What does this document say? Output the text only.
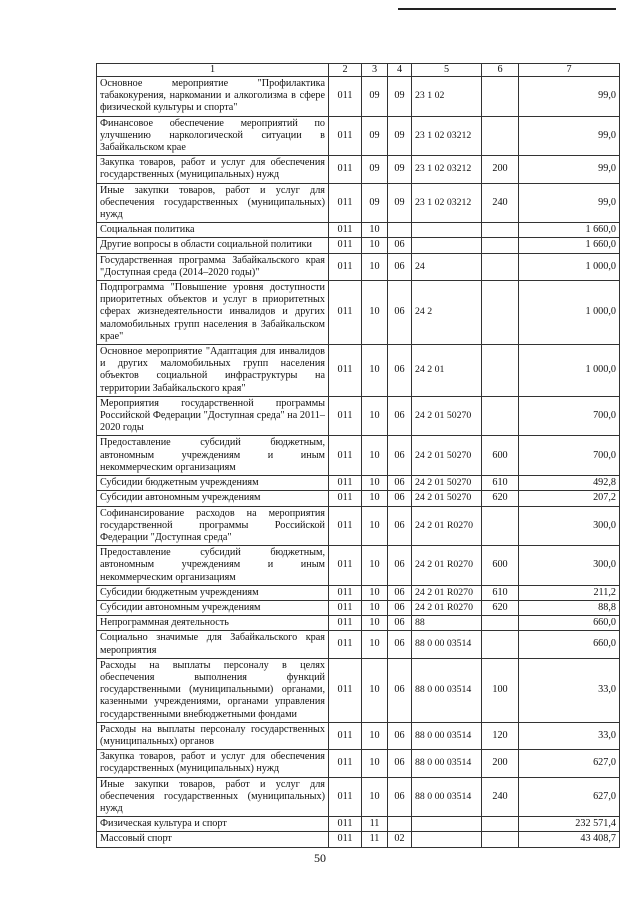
1	2	3	4	5	6	7
Основное мероприятие "Профилактика табакокурения, наркомании и алкоголизма в сфере физической культуры и спорта"	011	09	09	23 1 02		99,0
Финансовое обеспечение мероприятий по улучшению наркологической ситуации в Забайкальском крае	011	09	09	23 1 02 03212		99,0
Закупка товаров, работ и услуг для обеспечения государственных (муниципальных) нужд	011	09	09	23 1 02 03212	200	99,0
Иные закупки товаров, работ и услуг для обеспечения государственных (муниципальных) нужд	011	09	09	23 1 02 03212	240	99,0
Социальная политика	011	10				1 660,0
Другие вопросы в области социальной политики	011	10	06			1 660,0
Государственная программа Забайкальского края "Доступная среда (2014–2020 годы)"	011	10	06	24		1 000,0
Подпрограмма "Повышение уровня доступности приоритетных объектов и услуг в приоритетных сферах жизнедеятельности инвалидов и других маломобильных групп населения в Забайкальском крае"	011	10	06	24 2		1 000,0
Основное мероприятие "Адаптация для инвалидов и других маломобильных групп населения объектов социальной инфраструктуры на территории Забайкальского края"	011	10	06	24 2 01		1 000,0
Мероприятия государственной программы Российской Федерации "Доступная среда" на 2011–2020 годы	011	10	06	24 2 01 50270		700,0
Предоставление субсидий бюджетным, автономным учреждениям и иным некоммерческим организациям	011	10	06	24 2 01 50270	600	700,0
Субсидии бюджетным учреждениям	011	10	06	24 2 01 50270	610	492,8
Субсидии автономным учреждениям	011	10	06	24 2 01 50270	620	207,2
Софинансирование расходов на мероприятия государственной программы Российской Федерации "Доступная среда"	011	10	06	24 2 01 R0270		300,0
Предоставление субсидий бюджетным, автономным учреждениям и иным некоммерческим организациям	011	10	06	24 2 01 R0270	600	300,0
Субсидии бюджетным учреждениям	011	10	06	24 2 01 R0270	610	211,2
Субсидии автономным учреждениям	011	10	06	24 2 01 R0270	620	88,8
Непрограммная деятельность	011	10	06	88		660,0
Социально значимые для Забайкальского края мероприятия	011	10	06	88 0 00 03514		660,0
Расходы на выплаты персоналу в целях обеспечения выполнения функций государственными (муниципальными) органами, казенными учреждениями, органами управления государственными внебюджетными фондами	011	10	06	88 0 00 03514	100	33,0
Расходы на выплаты персоналу государственных (муниципальных) органов	011	10	06	88 0 00 03514	120	33,0
Закупка товаров, работ и услуг для обеспечения государственных (муниципальных) нужд	011	10	06	88 0 00 03514	200	627,0
Иные закупки товаров, работ и услуг для обеспечения государственных (муниципальных) нужд	011	10	06	88 0 00 03514	240	627,0
Физическая культура и спорт	011	11				232 571,4
Массовый спорт	011	11	02			43 408,7
50
